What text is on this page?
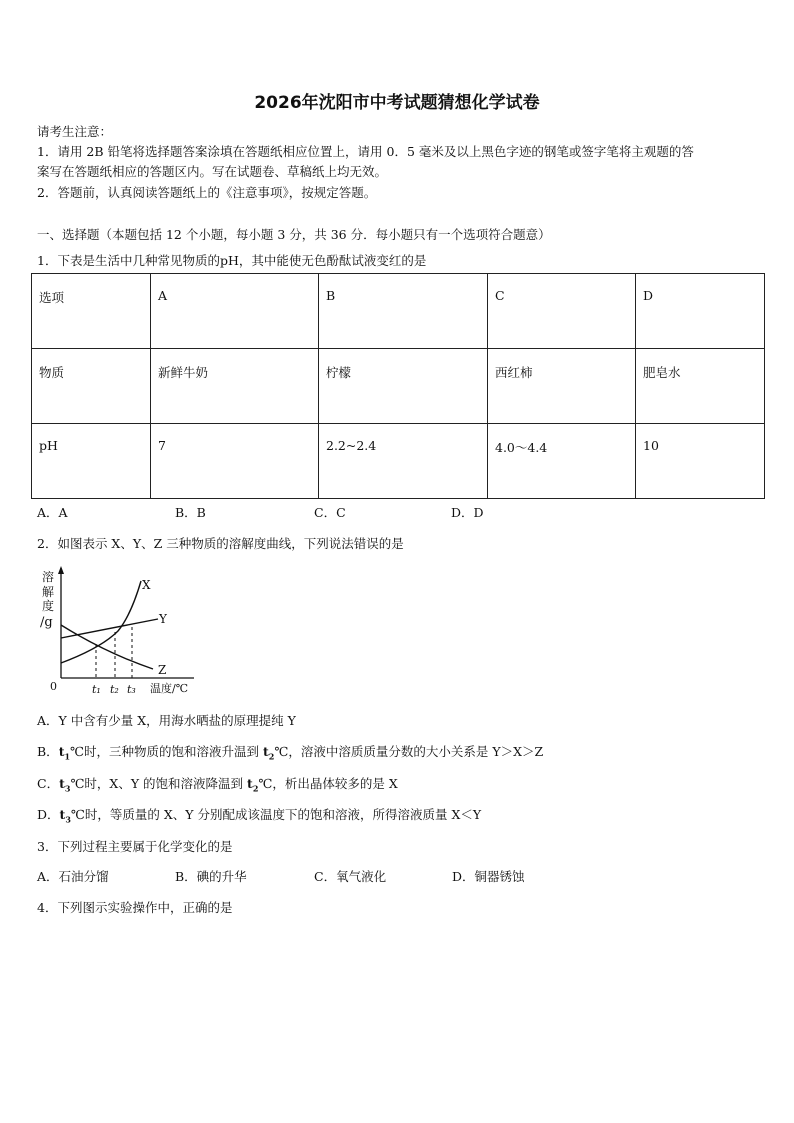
2026年沈阳市中考试题猜想化学试卷
请考生注意：
1．请用 2B 铅笔将选择题答案涂填在答题纸相应位置上，请用 0．5 毫米及以上黑色字迹的钢笔或签字笔将主观题的答
案写在答题纸相应的答题区内。写在试题卷、草稿纸上均无效。
2．答题前，认真阅读答题纸上的《注意事项》，按规定答题。
一、选择题（本题包括 12 个小题，每小题 3 分，共 36 分．每小题只有一个选项符合题意）
1．下表是生活中几种常见物质的pH，其中能使无色酚酞试液变红的是
选项	A	B	C	D
物质	新鲜牛奶	柠檬	西红柿	肥皂水
pH	7	2.2~2.4	4.0～4.4	10
A．A	B．B	C．C	D．D
2．如图表示 X、Y、Z 三种物质的溶解度曲线，下列说法错误的是
溶
解
度
/g
0
X
Y
Z
t₁ t₂ t₃ 温度/℃
A．Y 中含有少量 X，用海水晒盐的原理提纯 Y
B．$t_1℃$时，三种物质的饱和溶液升温到 $t_2℃$，溶液中溶质质量分数的大小关系是 Y＞X＞Z
C．$t_3℃$时，X、Y 的饱和溶液降温到 $t_2℃$，析出晶体较多的是 X
D．$t_3℃$时，等质量的 X、Y 分别配成该温度下的饱和溶液，所得溶液质量 X＜Y
3．下列过程主要属于化学变化的是
A．石油分馏	B．碘的升华	C．氧气液化	D．铜器锈蚀
4．下列图示实验操作中，正确的是
